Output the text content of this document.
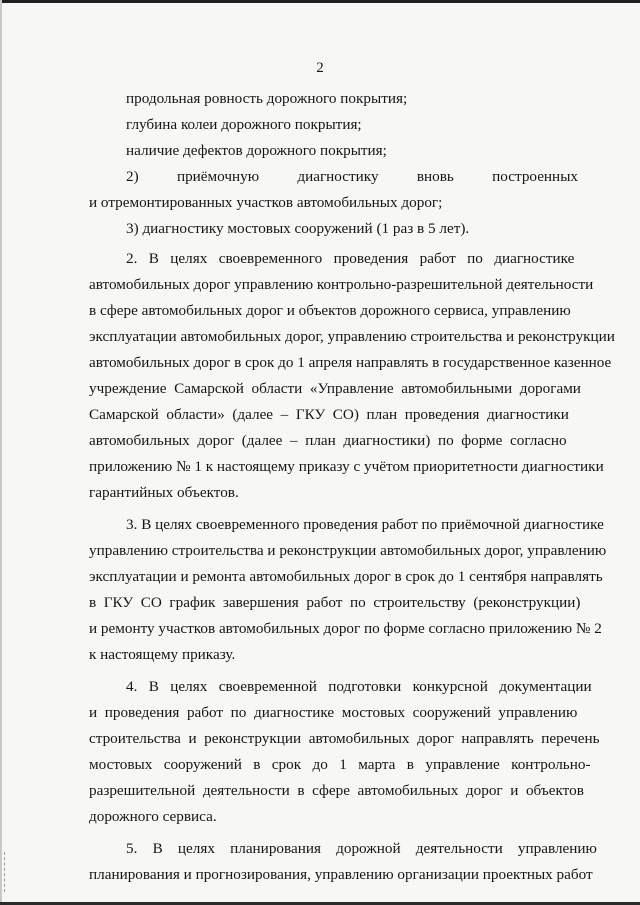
2
продольная ровность дорожного покрытия;
глубина колеи дорожного покрытия;
наличие дефектов дорожного покрытия;
2)	приёмочную	диагностику	вновь	построенных
и отремонтированных участков автомобильных дорог;
3) диагностику мостовых сооружений (1 раз в 5 лет).
2.   В   целях   своевременного   проведения   работ   по   диагностике
автомобильных дорог управлению контрольно-разрешительной деятельности
в сфере автомобильных дорог и объектов дорожного сервиса, управлению
эксплуатации автомобильных дорог, управлению строительства и реконструкции
автомобильных дорог в срок до 1 апреля направлять в государственное казенное
учреждение  Самарской  области  «Управление  автомобильными  дорогами
Самарской  области»  (далее  –  ГКУ  СО)  план  проведения  диагностики
автомобильных  дорог  (далее  –  план  диагностики)  по  форме  согласно
приложению № 1 к настоящему приказу с учётом приоритетности диагностики
гарантийных объектов.
3. В целях своевременного проведения работ по приёмочной диагностике
управлению строительства и реконструкции автомобильных дорог, управлению
эксплуатации и ремонта автомобильных дорог в срок до 1 сентября направлять
в  ГКУ  СО  график  завершения  работ  по  строительству  (реконструкции)
и ремонту участков автомобильных дорог по форме согласно приложению № 2
к настоящему приказу.
4.   В   целях   своевременной   подготовки   конкурсной   документации
и  проведения  работ  по  диагностике  мостовых  сооружений  управлению
строительства  и  реконструкции  автомобильных  дорог  направлять  перечень
мостовых   сооружений   в   срок   до   1   марта   в   управление   контрольно-
разрешительной  деятельности  в  сфере  автомобильных  дорог  и  объектов
дорожного сервиса.
5.    В    целях    планирования    дорожной    деятельности    управлению
планирования и прогнозирования, управлению организации проектных работ
